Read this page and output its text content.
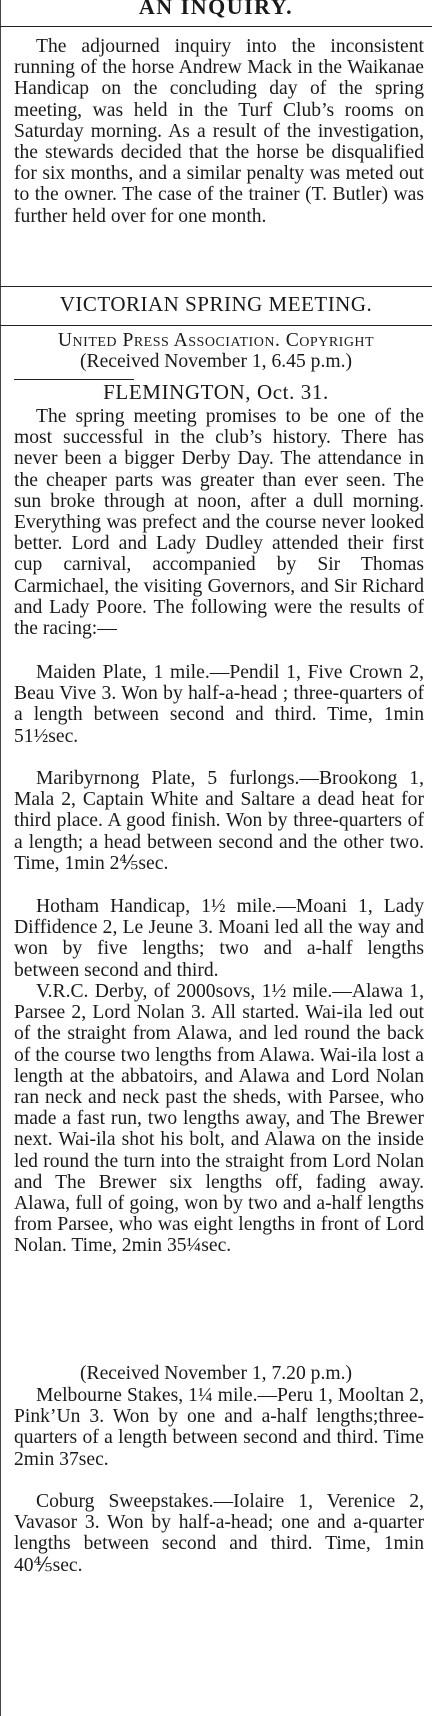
AN INQUIRY.

The adjourned inquiry into the inconsistent running of the horse Andrew Mack in the Waikanae Handicap on the concluding day of the spring meeting, was held in the Turf Club’s rooms on Saturday morning. As a result of the investigation, the stewards decided that the horse be disqualified for six months, and a similar penalty was meted out to the owner. The case of the trainer (T. Butler) was further held over for one month.

VICTORIAN SPRING MEETING.

United Press Association. Copyright

(Received November 1, 6.45 p.m.)

FLEMINGTON, Oct. 31.

The spring meeting promises to be one of the most successful in the club’s history. There has never been a bigger Derby Day. The attendance in the cheaper parts was greater than ever seen. The sun broke through at noon, after a dull morning. Everything was prefect and the course never looked better. Lord and Lady Dudley attended their first cup carnival, accompanied by Sir Thomas Carmichael, the visiting Governors, and Sir Richard and Lady Poore. The following were the results of the racing:—

Maiden Plate, 1 mile.—Pendil 1, Five Crown 2, Beau Vive 3. Won by half-a-head ; three-quarters of a length between second and third. Time, 1min 51½sec.

Maribyrnong Plate, 5 furlongs.—Brookong 1, Mala 2, Captain White and Saltare a dead heat for third place. A good finish. Won by three-quarters of a length; a head between second and the other two. Time, 1min 2⅘sec.

Hotham Handicap, 1½ mile.—Moani 1, Lady Diffidence 2, Le Jeune 3. Moani led all the way and won by five lengths; two and a-half lengths between second and third.

V.R.C. Derby, of 2000sovs, 1½ mile.—Alawa 1, Parsee 2, Lord Nolan 3. All started. Wai-ila led out of the straight from Alawa, and led round the back of the course two lengths from Alawa. Wai-ila lost a length at the abbatoirs, and Alawa and Lord Nolan ran neck and neck past the sheds, with Parsee, who made a fast run, two lengths away, and The Brewer next. Wai-ila shot his bolt, and Alawa on the inside led round the turn into the straight from Lord Nolan and The Brewer six lengths off, fading away. Alawa, full of going, won by two and a-half lengths from Parsee, who was eight lengths in front of Lord Nolan. Time, 2min 35¼sec.

(Received November 1, 7.20 p.m.)

Melbourne Stakes, 1¼ mile.—Peru 1, Mooltan 2, Pink’Un 3. Won by one and a-half lengths;three-quarters of a length between second and third. Time 2min 37sec.

Coburg Sweepstakes.—Iolaire 1, Verenice 2, Vavasor 3. Won by half-a-head; one and a-quarter lengths between second and third. Time, 1min 40⅘sec.
